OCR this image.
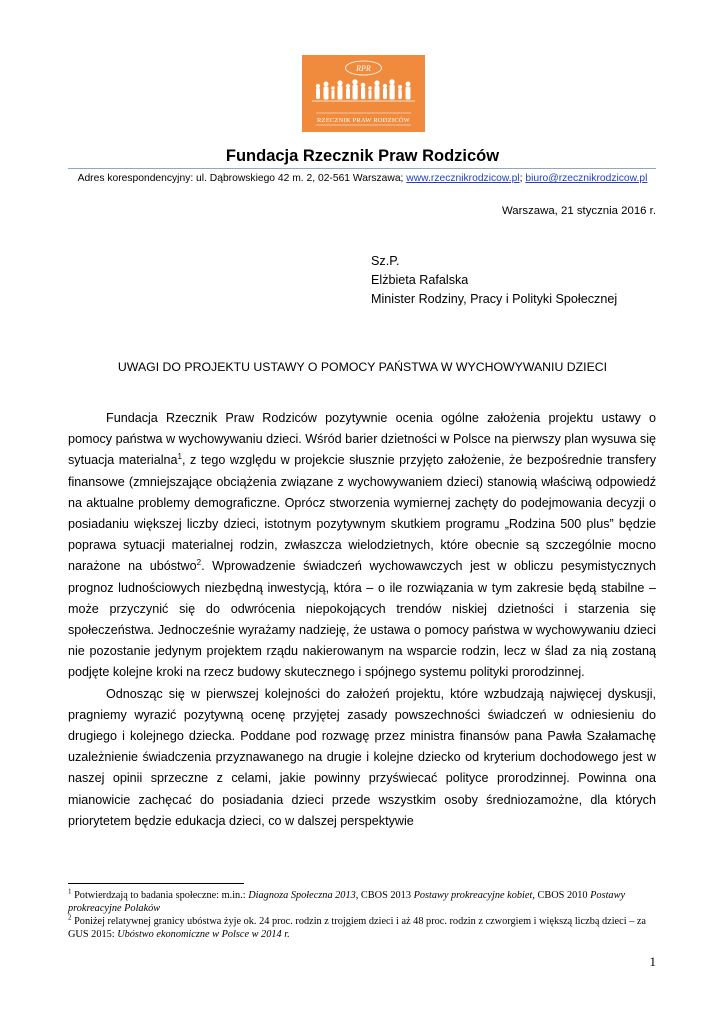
RPR
RZECZNIK PRAW RODZICÓW
Fundacja Rzecznik Praw Rodziców
Adres korespondencyjny: ul. Dąbrowskiego 42 m. 2, 02-561 Warszawa; www.rzecznikrodzicow.pl; biuro@rzecznikrodzicow.pl
Warszawa, 21 stycznia 2016 r.
Sz.P.
Elżbieta Rafalska
Minister Rodziny, Pracy i Polityki Społecznej
UWAGI DO PROJEKTU USTAWY O POMOCY PAŃSTWA W WYCHOWYWANIU DZIECI

Fundacja Rzecznik Praw Rodziców pozytywnie ocenia ogólne założenia projektu ustawy o pomocy państwa w wychowywaniu dzieci. Wśród barier dzietności w Polsce na pierwszy plan wysuwa się sytuacja materialna$^1$, z tego względu w projekcie słusznie przyjęto założenie, że bezpośrednie transfery finansowe (zmniejszające obciążenia związane z wychowywaniem dzieci) stanowią właściwą odpowiedź na aktualne problemy demograficzne. Oprócz stworzenia wymiernej zachęty do podejmowania decyzji o posiadaniu większej liczby dzieci, istotnym pozytywnym skutkiem programu „Rodzina 500 plus” będzie poprawa sytuacji materialnej rodzin, zwłaszcza wielodzietnych, które obecnie są szczególnie mocno narażone na ubóstwo$^2$. Wprowadzenie świadczeń wychowawczych jest w obliczu pesymistycznych prognoz ludnościowych niezbędną inwestycją, która – o ile rozwiązania w tym zakresie będą stabilne – może przyczynić się do odwrócenia niepokojących trendów niskiej dzietności i starzenia się społeczeństwa. Jednocześnie wyrażamy nadzieję, że ustawa o pomocy państwa w wychowywaniu dzieci nie pozostanie jedynym projektem rządu nakierowanym na wsparcie rodzin, lecz w ślad za nią zostaną podjęte kolejne kroki na rzecz budowy skutecznego i spójnego systemu polityki prorodzinnej.

Odnosząc się w pierwszej kolejności do założeń projektu, które wzbudzają najwięcej dyskusji, pragniemy wyrazić pozytywną ocenę przyjętej zasady powszechności świadczeń w odniesieniu do drugiego i kolejnego dziecka. Poddane pod rozwagę przez ministra finansów pana Pawła Szałamachę uzależnienie świadczenia przyznawanego na drugie i kolejne dziecko od kryterium dochodowego jest w naszej opinii sprzeczne z celami, jakie powinny przyświecać polityce prorodzinnej. Powinna ona mianowicie zachęcać do posiadania dzieci przede wszystkim osoby średniozamożne, dla których priorytetem będzie edukacja dzieci, co w dalszej perspektywie

$^1$ Potwierdzają to badania społeczne: m.in.: Diagnoza Społeczna 2013, CBOS 2013 Postawy prokreacyjne kobiet, CBOS 2010 Postawy prokreacyjne Polaków
$^2$ Poniżej relatywnej granicy ubóstwa żyje ok. 24 proc. rodzin z trojgiem dzieci i aż 48 proc. rodzin z czworgiem i większą liczbą dzieci – za GUS 2015: Ubóstwo ekonomiczne w Polsce w 2014 r.
1
